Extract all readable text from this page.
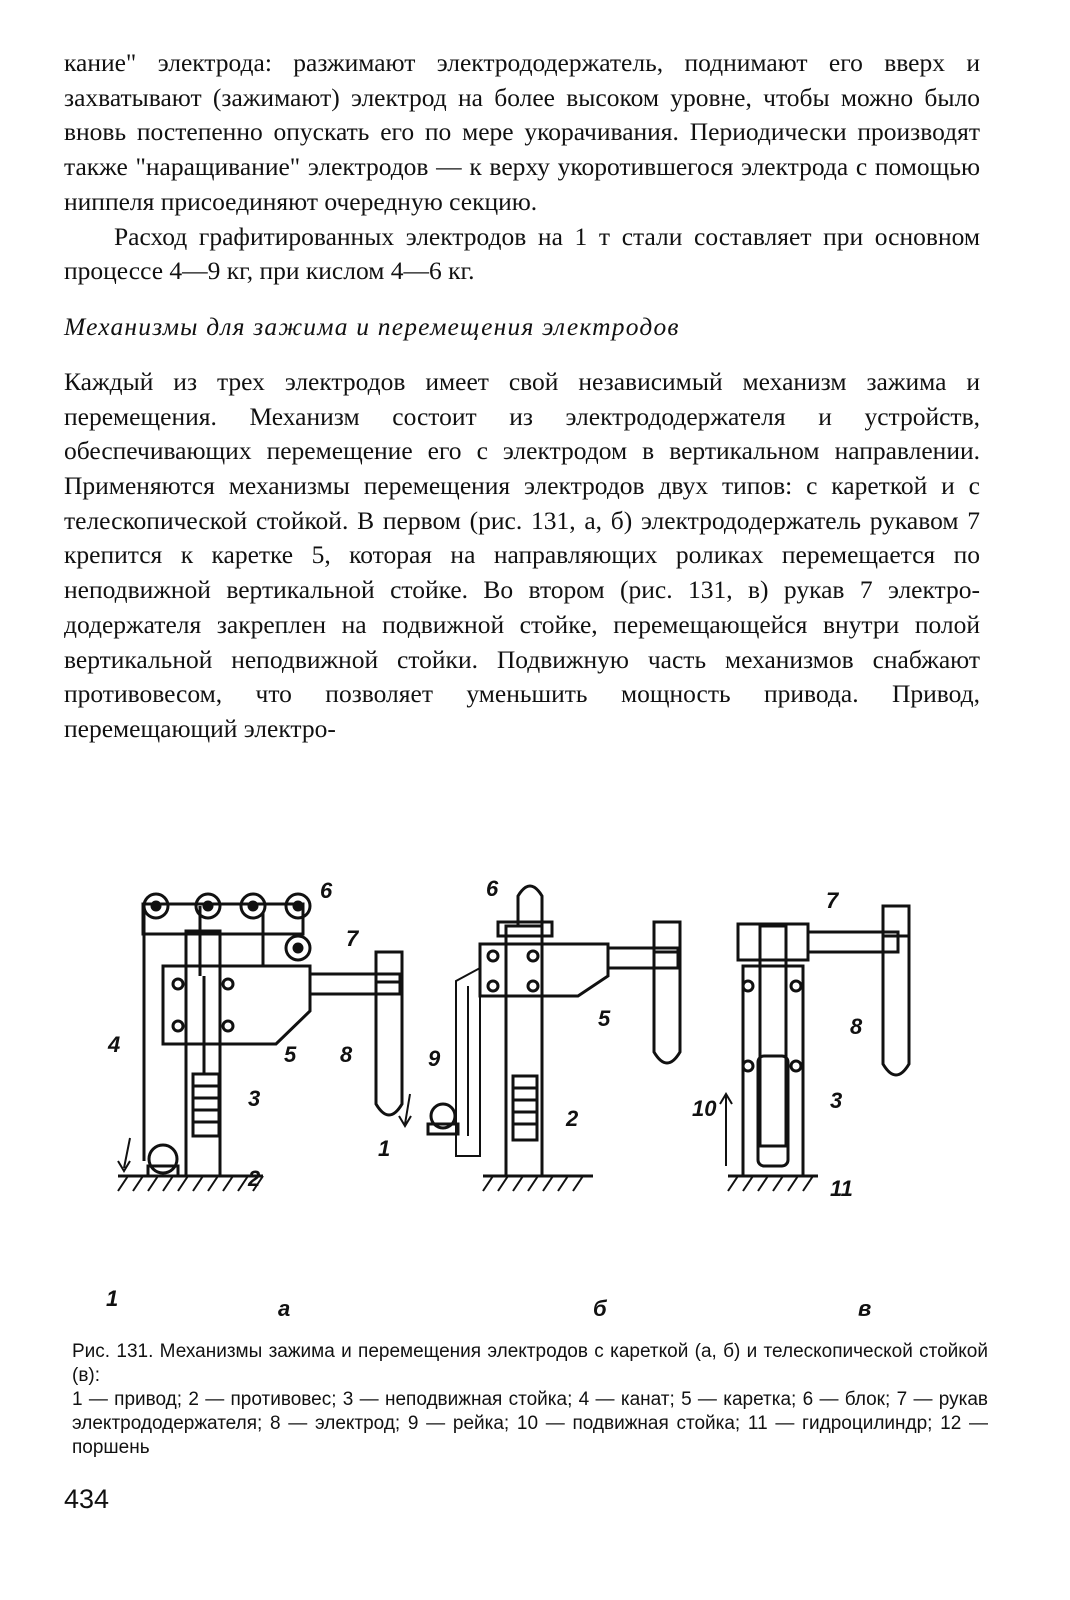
кание" электрода: разжимают электрододержатель, поднимают его вверх и захватывают (зажимают) электрод на более высоком уровне, чтобы можно было вновь постепенно опускать его по мере укорачивания. Периодически производят также "наращивание" электродов — к верху укоротившегося электрода с помощью ниппеля присоединяют очередную секцию.

Расход графитированных электродов на 1 т стали составляет при основном процессе 4—9 кг, при кислом 4—6 кг.

Механизмы для зажима и перемещения электродов

Каждый из трех электродов имеет свой независимый механизм зажима и перемещения. Механизм состоит из электрододержателя и устройств, обеспечивающих перемещение его с электродом в вертикальном направлении. Применяются механизмы перемещения электродов двух типов: с кареткой и с телескопической стойкой. В первом (рис. 131, а, б) электрододержатель рукавом 7 крепится к каретке 5, которая на направляющих роликах перемещается по неподвижной вертикальной стойке. Во втором (рис. 131, в) рукав 7 электрододержателя закреплен на подвижной стойке, перемещающейся внутри полой вертикальной неподвижной стойки. Подвижную часть механизмов снабжают противовесом, что позволяет уменьшить мощность привода. Привод, перемещающий электро-

6
7
4	5 8
3
2
1
6
5
9
2
1
7
8
10	3
11
а	б	в

Рис. 131. Механизмы зажима и перемещения электродов с кареткой (а, б) и телескопической стойкой (в):

1 — привод; 2 — противовес; 3 — неподвижная стойка; 4 — канат; 5 — каретка; 6 — блок; 7 — рукав электрододержателя; 8 — электрод; 9 — рейка; 10 — подвижная стойка; 11 — гидроцилиндр; 12 — поршень

434
